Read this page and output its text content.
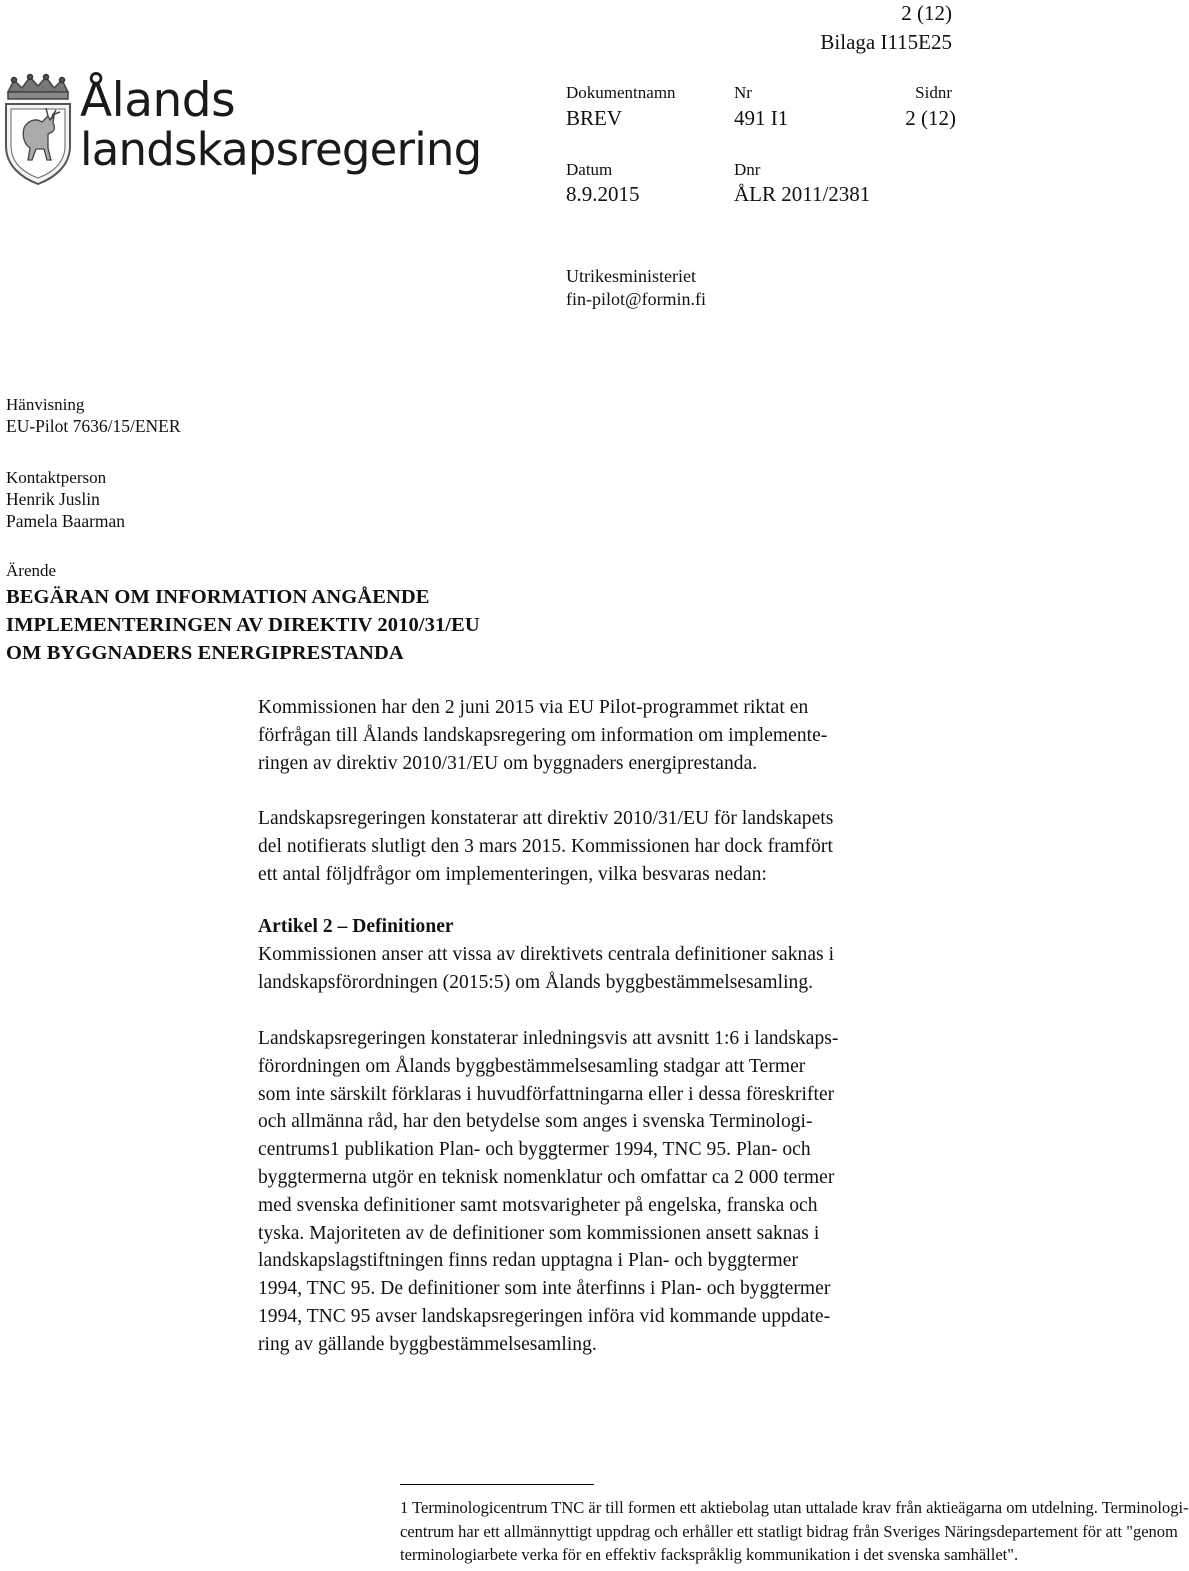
2 (12)
Bilaga I115E25
Ålands
landskapsregering
Dokumentnamn
BREV
Nr
491 I1
Sidnr
2 (12)
Datum
8.9.2015
Dnr
ÅLR 2011/2381
Utrikesministeriet
fin-pilot@formin.fi
Hänvisning
EU-Pilot 7636/15/ENER
Kontaktperson
Henrik Juslin
Pamela Baarman
Ärende
BEGÄRAN OM INFORMATION ANGÅENDE
IMPLEMENTERINGEN AV DIREKTIV 2010/31/EU
OM BYGGNADERS ENERGIPRESTANDA
Kommissionen har den 2 juni 2015 via EU Pilot-programmet riktat en
förfrågan till Ålands landskapsregering om information om implemente-
ringen av direktiv 2010/31/EU om byggnaders energiprestanda.
Landskapsregeringen konstaterar att direktiv 2010/31/EU för landskapets
del notifierats slutligt den 3 mars 2015. Kommissionen har dock framfört
ett antal följdfrågor om implementeringen, vilka besvaras nedan:
Artikel 2 – Definitioner
Kommissionen anser att vissa av direktivets centrala definitioner saknas i
landskapsförordningen (2015:5) om Ålands byggbestämmelsesamling.
Landskapsregeringen konstaterar inledningsvis att avsnitt 1:6 i landskaps-
förordningen om Ålands byggbestämmelsesamling stadgar att Termer
som inte särskilt förklaras i huvudförfattningarna eller i dessa föreskrifter
och allmänna råd, har den betydelse som anges i svenska Terminologi-
centrums1 publikation Plan- och byggtermer 1994, TNC 95. Plan- och
byggtermerna utgör en teknisk nomenklatur och omfattar ca 2 000 termer
med svenska definitioner samt motsvarigheter på engelska, franska och
tyska. Majoriteten av de definitioner som kommissionen ansett saknas i
landskapslagstiftningen finns redan upptagna i Plan- och byggtermer
1994, TNC 95. De definitioner som inte återfinns i Plan- och byggtermer
1994, TNC 95 avser landskapsregeringen införa vid kommande uppdate-
ring av gällande byggbestämmelsesamling.
1 Terminologicentrum TNC är till formen ett aktiebolag utan uttalade krav från aktieägarna om utdelning. Terminologi-
centrum har ett allmännyttigt uppdrag och erhåller ett statligt bidrag från Sveriges Näringsdepartement för att "genom
terminologiarbete verka för en effektiv fackspråklig kommunikation i det svenska samhället".
